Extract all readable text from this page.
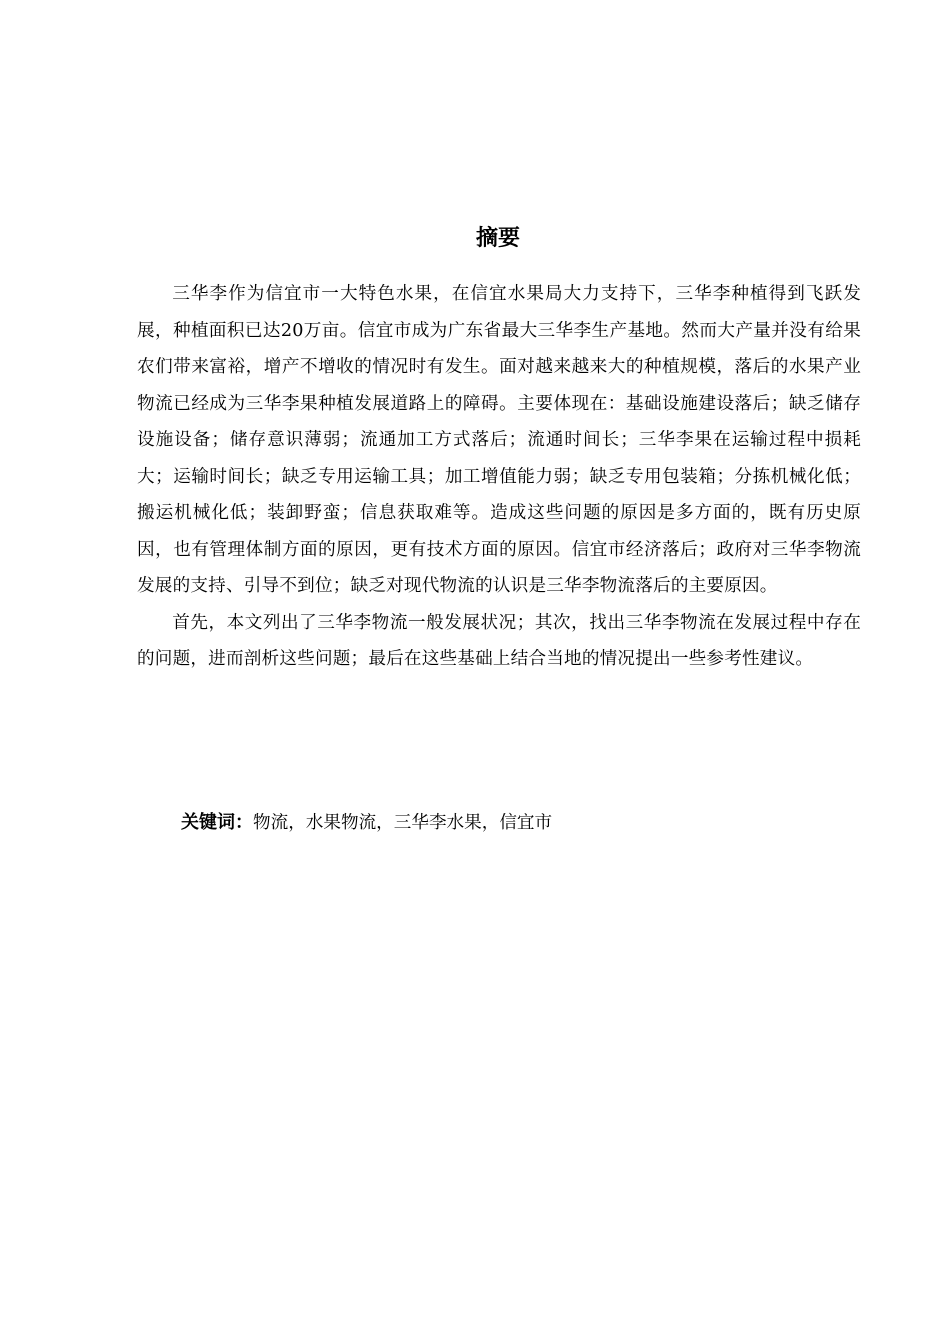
摘要

三华李作为信宜市一大特色水果，在信宜水果局大力支持下，三华李种植得到飞跃发展，种植面积已达20万亩。信宜市成为广东省最大三华李生产基地。然而大产量并没有给果农们带来富裕，增产不增收的情况时有发生。面对越来越来大的种植规模，落后的水果产业物流已经成为三华李果种植发展道路上的障碍。主要体现在：基础设施建设落后；缺乏储存设施设备；储存意识薄弱；流通加工方式落后；流通时间长；三华李果在运输过程中损耗大；运输时间长；缺乏专用运输工具；加工增值能力弱；缺乏专用包装箱；分拣机械化低；搬运机械化低；装卸野蛮；信息获取难等。造成这些问题的原因是多方面的，既有历史原因，也有管理体制方面的原因，更有技术方面的原因。信宜市经济落后；政府对三华李物流发展的支持、引导不到位；缺乏对现代物流的认识是三华李物流落后的主要原因。

首先，本文列出了三华李物流一般发展状况；其次，找出三华李物流在发展过程中存在的问题，进而剖析这些问题；最后在这些基础上结合当地的情况提出一些参考性建议。

关键词：物流，水果物流，三华李水果，信宜市
